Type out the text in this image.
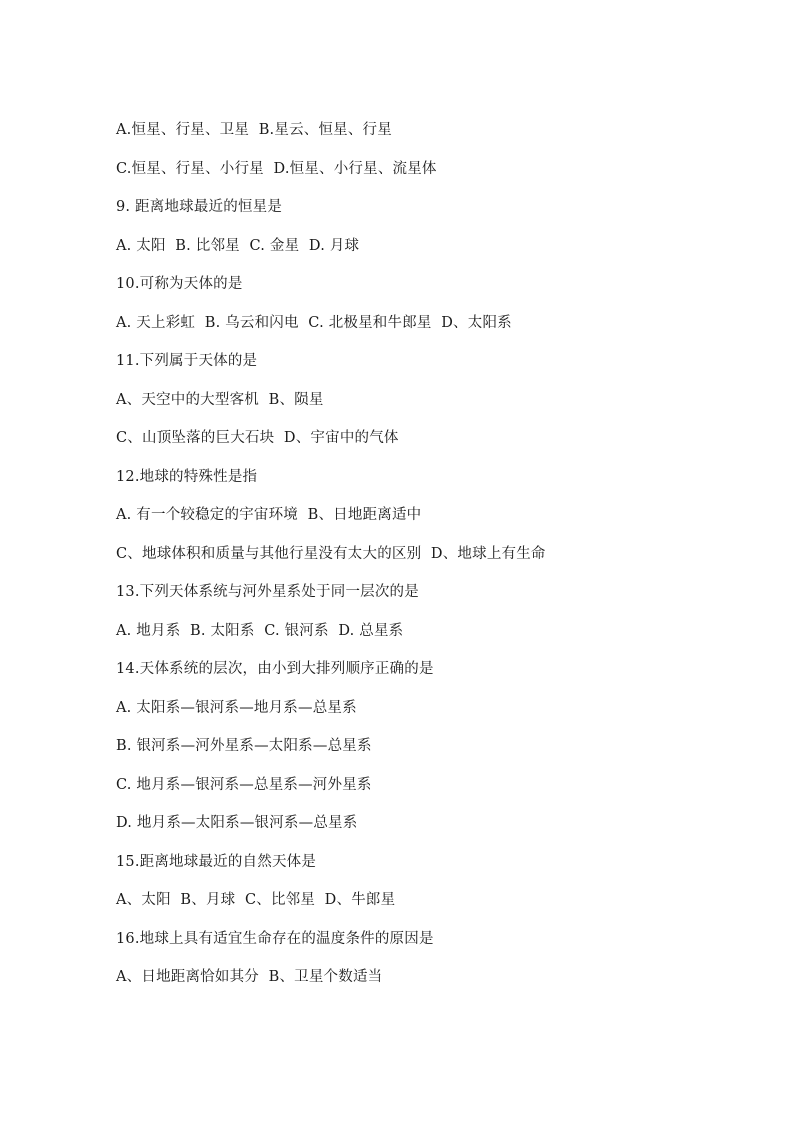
A.恒星、行星、卫星  B.星云、恒星、行星
C.恒星、行星、小行星  D.恒星、小行星、流星体
9. 距离地球最近的恒星是
A. 太阳  B. 比邻星  C. 金星  D. 月球
10.可称为天体的是
A. 天上彩虹  B. 乌云和闪电  C. 北极星和牛郎星  D、太阳系
11.下列属于天体的是
A、天空中的大型客机  B、陨星
C、山顶坠落的巨大石块  D、宇宙中的气体
12.地球的特殊性是指
A. 有一个较稳定的宇宙环境  B、日地距离适中
C、地球体积和质量与其他行星没有太大的区别  D、地球上有生命
13.下列天体系统与河外星系处于同一层次的是
A. 地月系  B. 太阳系  C. 银河系  D. 总星系
14.天体系统的层次，由小到大排列顺序正确的是
A. 太阳系—银河系—地月系—总星系
B. 银河系—河外星系—太阳系—总星系
C. 地月系—银河系—总星系—河外星系
D. 地月系—太阳系—银河系—总星系
15.距离地球最近的自然天体是
A、太阳  B、月球  C、比邻星  D、牛郎星
16.地球上具有适宜生命存在的温度条件的原因是
A、日地距离恰如其分  B、卫星个数适当
